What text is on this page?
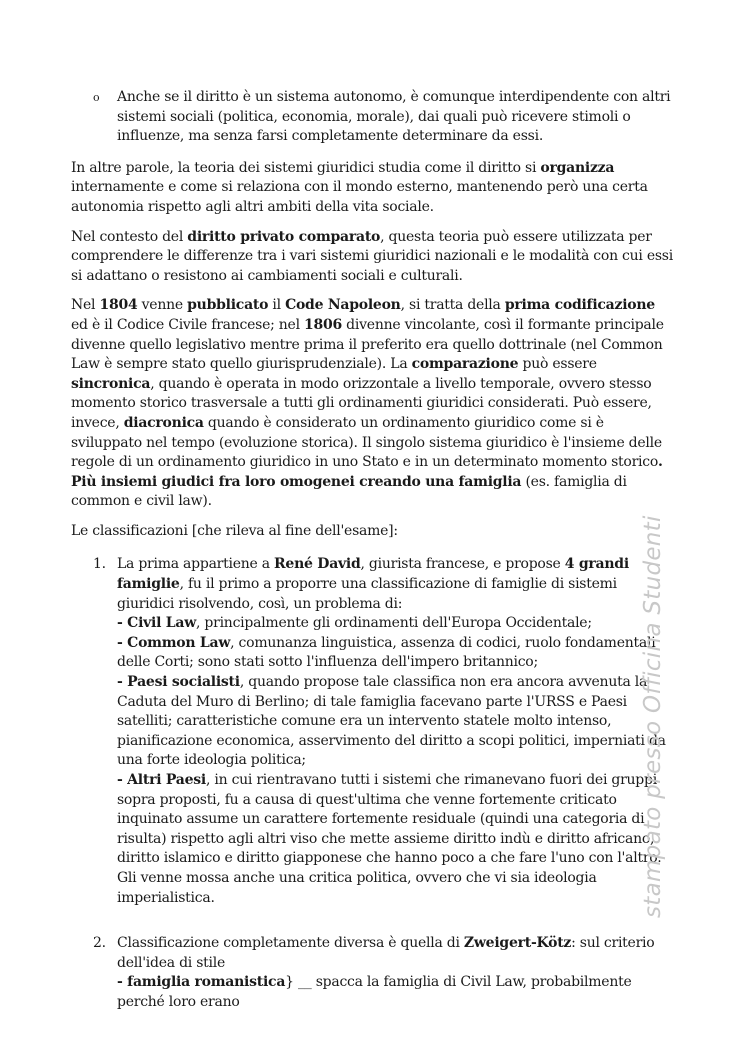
o Anche se il diritto è un sistema autonomo, è comunque interdipendente con altri sistemi sociali (politica, economia, morale), dai quali può ricevere stimoli o influenze, ma senza farsi completamente determinare da essi.

In altre parole, la teoria dei sistemi giuridici studia come il diritto si organizza internamente e come si relaziona con il mondo esterno, mantenendo però una certa autonomia rispetto agli altri ambiti della vita sociale.

Nel contesto del diritto privato comparato, questa teoria può essere utilizzata per comprendere le differenze tra i vari sistemi giuridici nazionali e le modalità con cui essi si adattano o resistono ai cambiamenti sociali e culturali.

Nel 1804 venne pubblicato il Code Napoleon, si tratta della prima codificazione ed è il Codice Civile francese; nel 1806 divenne vincolante, così il formante principale divenne quello legislativo mentre prima il preferito era quello dottrinale (nel Common Law è sempre stato quello giurisprudenziale). La comparazione può essere sincronica, quando è operata in modo orizzontale a livello temporale, ovvero stesso momento storico trasversale a tutti gli ordinamenti giuridici considerati. Può essere, invece, diacronica quando è considerato un ordinamento giuridico come si è sviluppato nel tempo (evoluzione storica). Il singolo sistema giuridico è l'insieme delle regole di un ordinamento giuridico in uno Stato e in un determinato momento storico. Più insiemi giudici fra loro omogenei creando una famiglia (es. famiglia di common e civil law).

Le classificazioni [che rileva al fine dell'esame]:

1. La prima appartiene a René David, giurista francese, e propose 4 grandi famiglie, fu il primo a proporre una classificazione di famiglie di sistemi giuridici risolvendo, così, un problema di:
- Civil Law, principalmente gli ordinamenti dell'Europa Occidentale;
- Common Law, comunanza linguistica, assenza di codici, ruolo fondamentali delle Corti; sono stati sotto l'influenza dell'impero britannico;
- Paesi socialisti, quando propose tale classifica non era ancora avvenuta la Caduta del Muro di Berlino; di tale famiglia facevano parte l'URSS e Paesi satelliti; caratteristiche comune era un intervento statele molto intenso, pianificazione economica, asservimento del diritto a scopi politici, imperniati da una forte ideologia politica;
- Altri Paesi, in cui rientravano tutti i sistemi che rimanevano fuori dei gruppi sopra proposti, fu a causa di quest'ultima che venne fortemente criticato inquinato assume un carattere fortemente residuale (quindi una categoria di risulta) rispetto agli altri viso che mette assieme diritto indù e diritto africano, diritto islamico e diritto giapponese che hanno poco a che fare l'uno con l'altro. Gli venne mossa anche una critica politica, ovvero che vi sia ideologia imperialistica.
2. Classificazione completamente diversa è quella di Zweigert-Kötz: sul criterio dell'idea di stile
- famiglia romanistica} __ spacca la famiglia di Civil Law, probabilmente perché loro erano
stampato presso Officina Studenti
